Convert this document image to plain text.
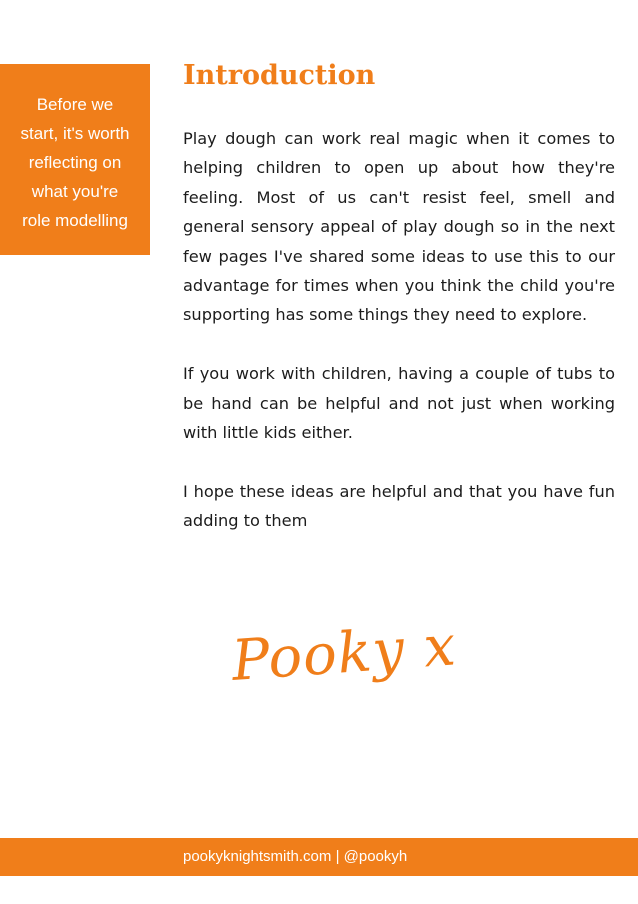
Before we
start, it's worth
reflecting on
what you're
role modelling

Introduction

Play dough can work real magic when it comes to helping children to open up about how they're feeling. Most of us can't resist feel, smell and general sensory appeal of play dough so in the next few pages I've shared some ideas to use this to our advantage for times when you think the child you're supporting has some things they need to explore.

If you work with children, having a couple of tubs to be hand can be helpful and not just when working with little kids either.

I hope these ideas are helpful and that you have fun adding to them

Pooky x

pookyknightsmith.com | @pookyh
